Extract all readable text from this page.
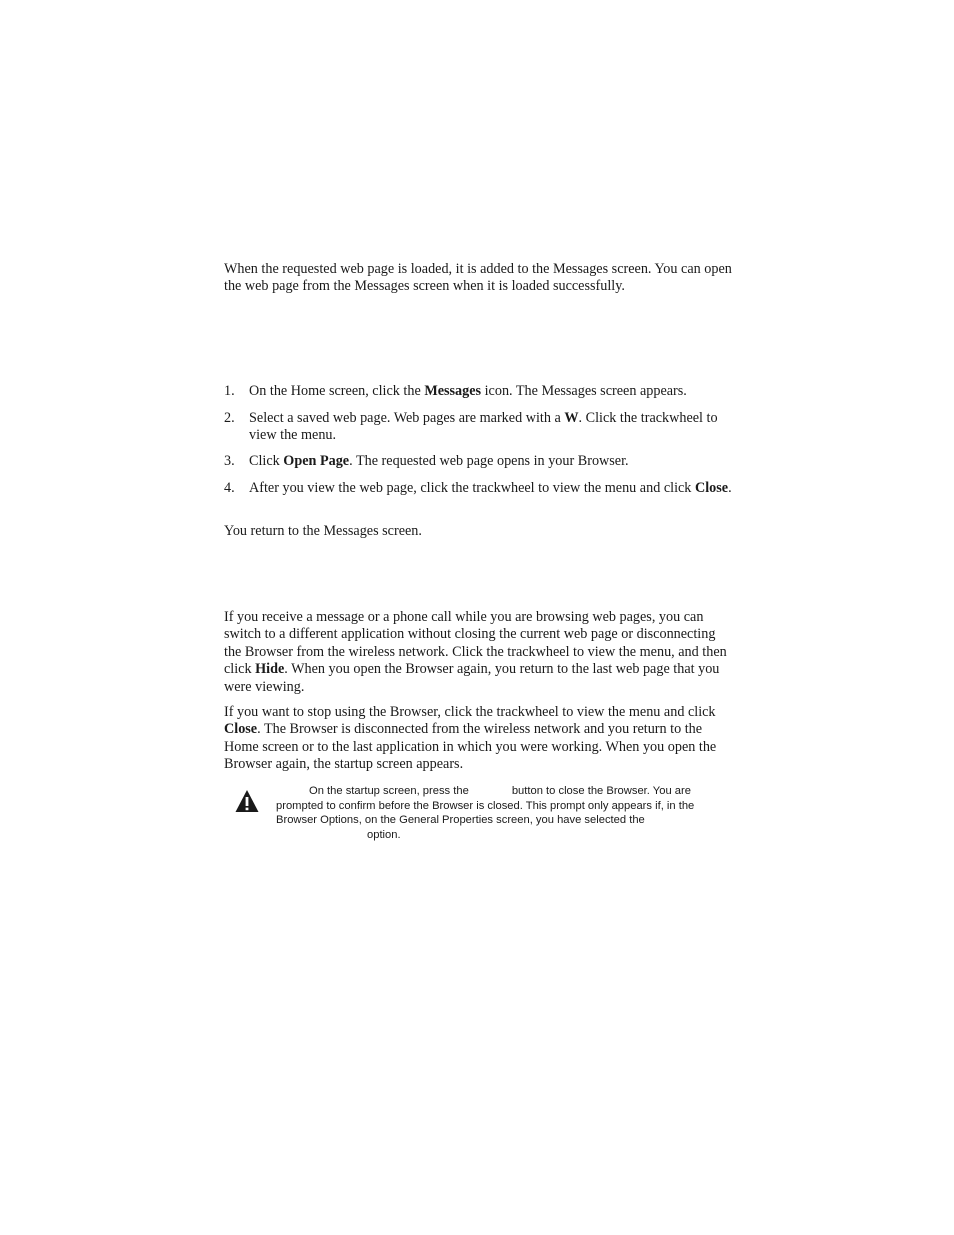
When the requested web page is loaded, it is added to the Messages screen. You can open the web page from the Messages screen when it is loaded successfully.

1.	On the Home screen, click the Messages icon. The Messages screen appears.
2.	Select a saved web page. Web pages are marked with a W. Click the trackwheel to view the menu.
3.	Click Open Page. The requested web page opens in your Browser.
4.	After you view the web page, click the trackwheel to view the menu and click Close.

You return to the Messages screen.

If you receive a message or a phone call while you are browsing web pages, you can switch to a different application without closing the current web page or disconnecting the Browser from the wireless network. Click the trackwheel to view the menu, and then click Hide. When you open the Browser again, you return to the last web page that you were viewing.

If you want to stop using the Browser, click the trackwheel to view the menu and click Close. The Browser is disconnected from the wireless network and you return to the Home screen or to the last application in which you were working. When you open the Browser again, the startup screen appears.

On the startup screen, press the	button to close the Browser. You are
prompted to confirm before the Browser is closed. This prompt only appears if, in the
Browser Options, on the General Properties screen, you have selected the
option.
